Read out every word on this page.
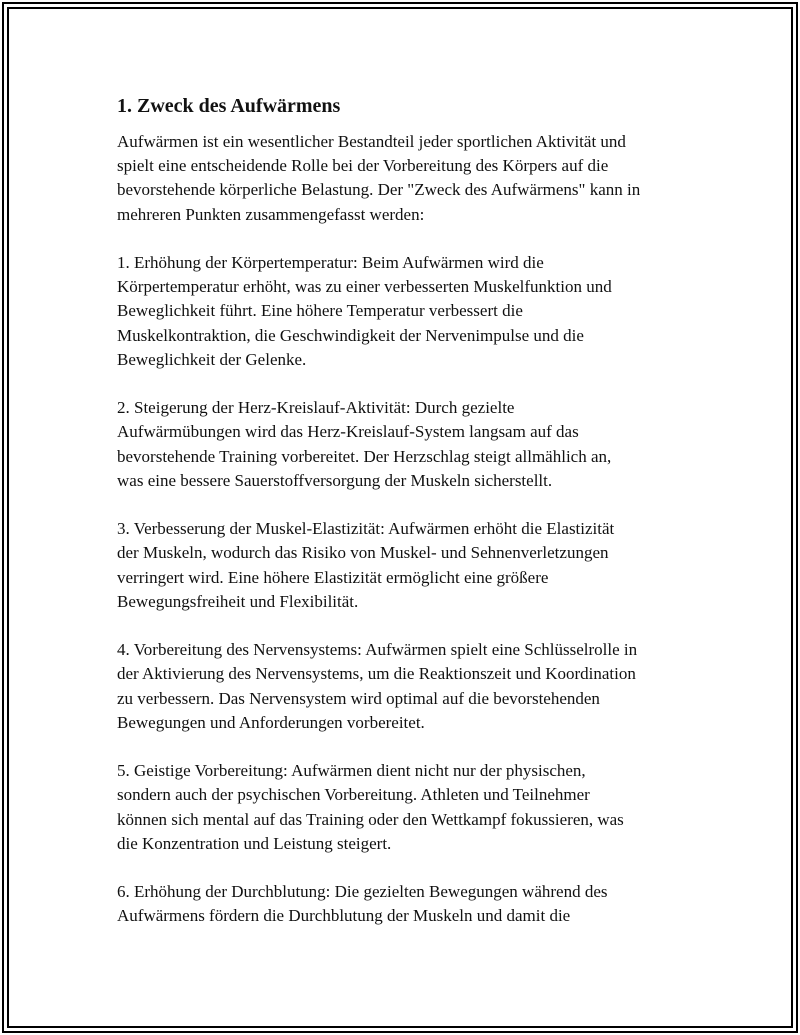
1. Zweck des Aufwärmens

Aufwärmen ist ein wesentlicher Bestandteil jeder sportlichen Aktivität und
spielt eine entscheidende Rolle bei der Vorbereitung des Körpers auf die
bevorstehende körperliche Belastung. Der "Zweck des Aufwärmens" kann in
mehreren Punkten zusammengefasst werden:

1. Erhöhung der Körpertemperatur: Beim Aufwärmen wird die
Körpertemperatur erhöht, was zu einer verbesserten Muskelfunktion und
Beweglichkeit führt. Eine höhere Temperatur verbessert die
Muskelkontraktion, die Geschwindigkeit der Nervenimpulse und die
Beweglichkeit der Gelenke.

2. Steigerung der Herz-Kreislauf-Aktivität: Durch gezielte
Aufwärmübungen wird das Herz-Kreislauf-System langsam auf das
bevorstehende Training vorbereitet. Der Herzschlag steigt allmählich an,
was eine bessere Sauerstoffversorgung der Muskeln sicherstellt.

3. Verbesserung der Muskel-Elastizität: Aufwärmen erhöht die Elastizität
der Muskeln, wodurch das Risiko von Muskel- und Sehnenverletzungen
verringert wird. Eine höhere Elastizität ermöglicht eine größere
Bewegungsfreiheit und Flexibilität.

4. Vorbereitung des Nervensystems: Aufwärmen spielt eine Schlüsselrolle in
der Aktivierung des Nervensystems, um die Reaktionszeit und Koordination
zu verbessern. Das Nervensystem wird optimal auf die bevorstehenden
Bewegungen und Anforderungen vorbereitet.

5. Geistige Vorbereitung: Aufwärmen dient nicht nur der physischen,
sondern auch der psychischen Vorbereitung. Athleten und Teilnehmer
können sich mental auf das Training oder den Wettkampf fokussieren, was
die Konzentration und Leistung steigert.

6. Erhöhung der Durchblutung: Die gezielten Bewegungen während des
Aufwärmens fördern die Durchblutung der Muskeln und damit die
